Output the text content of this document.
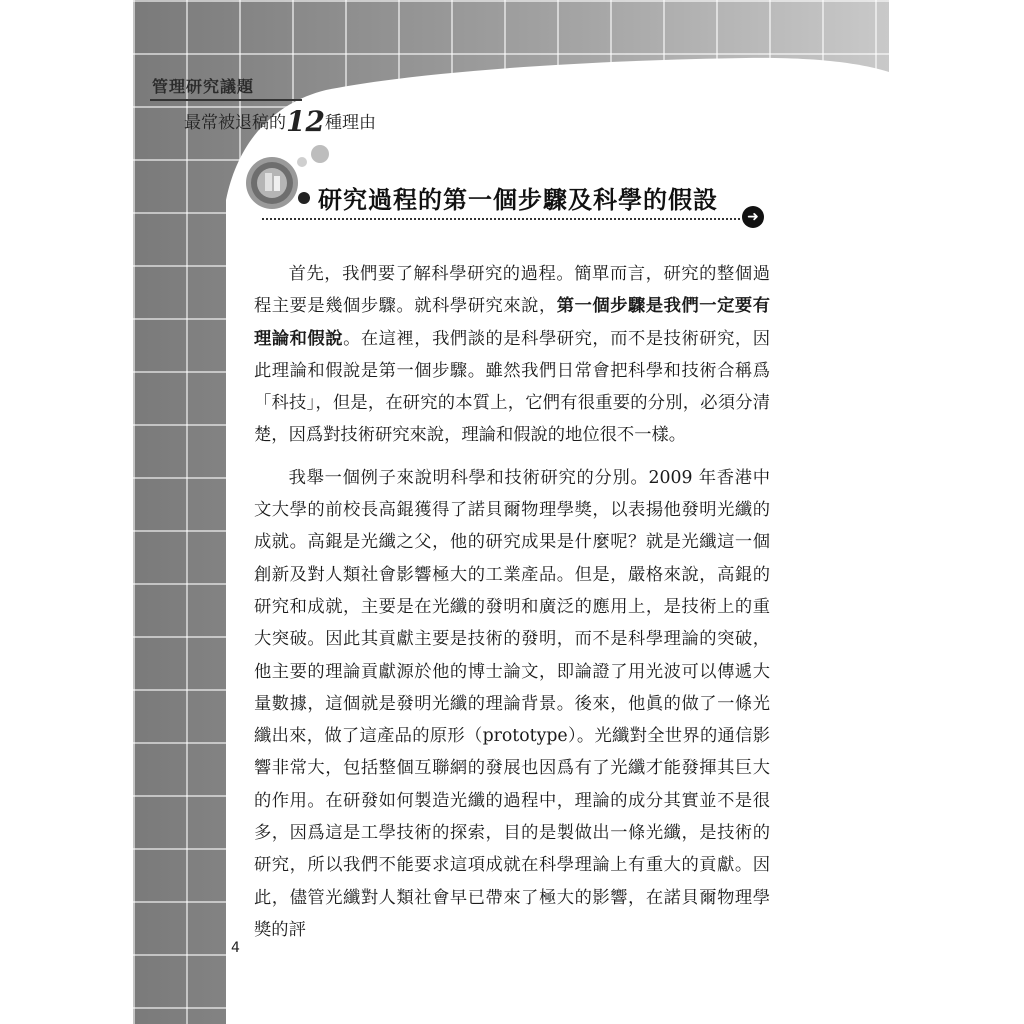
管理研究議題
最常被退稿的12種理由
研究過程的第一個步驟及科學的假設
➜

首先，我們要了解科學研究的過程。簡單而言，研究的整個過程主要是幾個步驟。就科學研究來說，第一個步驟是我們一定要有理論和假說。在這裡，我們談的是科學研究，而不是技術研究，因此理論和假說是第一個步驟。雖然我們日常會把科學和技術合稱爲「科技」，但是，在研究的本質上，它們有很重要的分別，必須分清楚，因爲對技術研究來說，理論和假說的地位很不一樣。

我舉一個例子來說明科學和技術研究的分別。2009 年香港中文大學的前校長高錕獲得了諾貝爾物理學獎，以表揚他發明光纖的成就。高錕是光纖之父，他的研究成果是什麼呢？就是光纖這一個創新及對人類社會影響極大的工業產品。但是，嚴格來說，高錕的研究和成就，主要是在光纖的發明和廣泛的應用上，是技術上的重大突破。因此其貢獻主要是技術的發明，而不是科學理論的突破，他主要的理論貢獻源於他的博士論文，即論證了用光波可以傳遞大量數據，這個就是發明光纖的理論背景。後來，他眞的做了一條光纖出來，做了這產品的原形（prototype）。光纖對全世界的通信影響非常大，包括整個互聯網的發展也因爲有了光纖才能發揮其巨大的作用。在研發如何製造光纖的過程中，理論的成分其實並不是很多，因爲這是工學技術的探索，目的是製做出一條光纖，是技術的研究，所以我們不能要求這項成就在科學理論上有重大的貢獻。因此，儘管光纖對人類社會早已帶來了極大的影響，在諾貝爾物理學獎的評

4
